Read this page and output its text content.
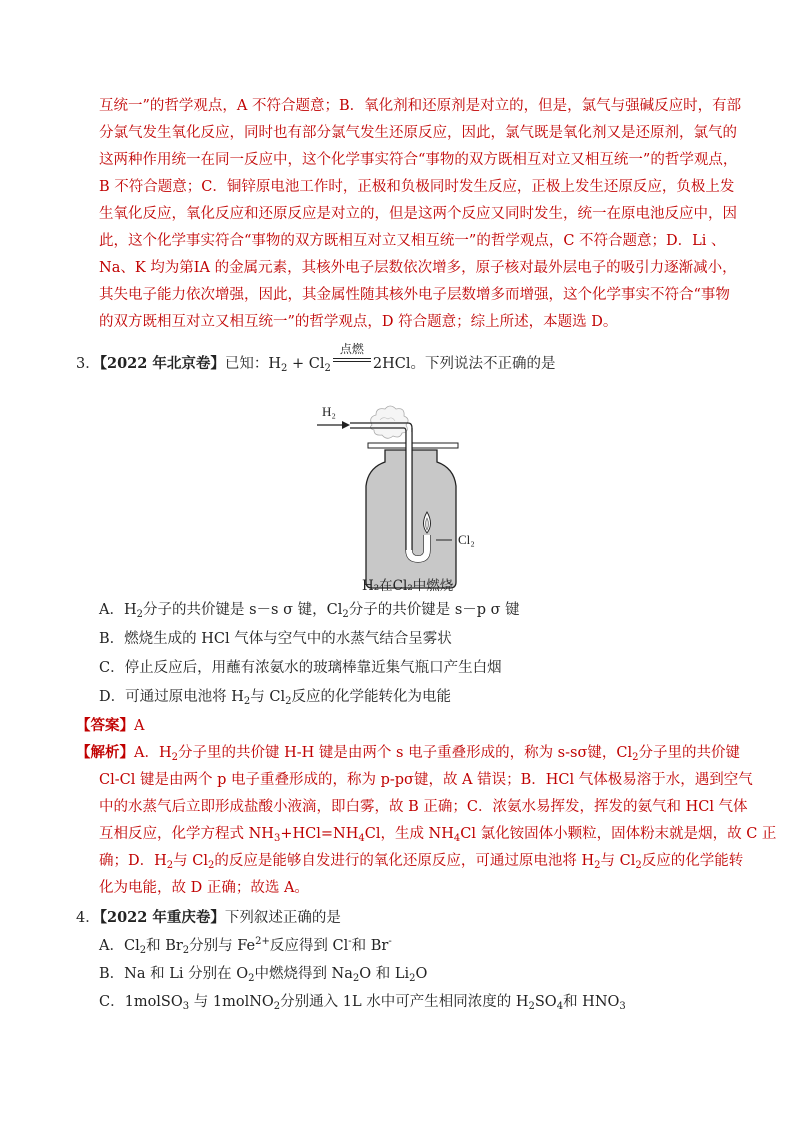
互统一”的哲学观点，A 不符合题意；B．氧化剂和还原剂是对立的，但是，氯气与强碱反应时，有部
分氯气发生氧化反应，同时也有部分氯气发生还原反应，因此，氯气既是氧化剂又是还原剂，氯气的
这两种作用统一在同一反应中，这个化学事实符合“事物的双方既相互对立又相互统一”的哲学观点，
B 不符合题意；C．铜锌原电池工作时，正极和负极同时发生反应，正极上发生还原反应，负极上发
生氧化反应，氧化反应和还原反应是对立的，但是这两个反应又同时发生，统一在原电池反应中，因
此，这个化学事实符合“事物的双方既相互对立又相互统一”的哲学观点，C 不符合题意；D．Li 、
Na、K 均为第ⅠA 的金属元素，其核外电子层数依次增多，原子核对最外层电子的吸引力逐渐减小，
其失电子能力依次增强，因此，其金属性随其核外电子层数增多而增强，这个化学事实不符合“事物
的双方既相互对立又相互统一”的哲学观点，D 符合题意；综上所述，本题选 D。
3．【2022 年北京卷】已知：$H_2 + Cl_2$
点燃
2HCl。下列说法不正确的是
H₂
Cl₂
H₂在Cl₂中燃烧
A．$H_2$分子的共价键是 s－s σ 键，$Cl_2$分子的共价键是 s－p σ 键
B．燃烧生成的 HCl 气体与空气中的水蒸气结合呈雾状
C．停止反应后，用蘸有浓氨水的玻璃棒靠近集气瓶口产生白烟
D．可通过原电池将 $H_2$与 $Cl_2$反应的化学能转化为电能
【答案】A
【解析】A．$H_2$分子里的共价键 H-H 键是由两个 s 电子重叠形成的，称为 s-sσ键，$Cl_2$分子里的共价键
Cl-Cl 键是由两个 p 电子重叠形成的，称为 p-pσ键，故 A 错误；B．HCl 气体极易溶于水，遇到空气
中的水蒸气后立即形成盐酸小液滴，即白雾，故 B 正确；C．浓氨水易挥发，挥发的氨气和 HCl 气体
互相反应，化学方程式 $NH_3+HCl=NH_4Cl$，生成 $NH_4Cl$ 氯化铵固体小颗粒，固体粉末就是烟，故 C 正
确；D．$H_2$与 $Cl_2$的反应是能够自发进行的氧化还原反应，可通过原电池将 $H_2$与 $Cl_2$反应的化学能转
化为电能，故 D 正确；故选 A。
4．【2022 年重庆卷】下列叙述正确的是
A．$Cl_2$和 $Br_2$分别与 $Fe^{2+}$反应得到 Cl-和 Br-
B．Na 和 Li 分别在 $O_2$中燃烧得到 $Na_2O$ 和 $Li_2O$
C．1molSO$_3$ 与 1molNO$_2$分别通入 1L 水中可产生相同浓度的 $H_2SO_4$和 $HNO_3$
